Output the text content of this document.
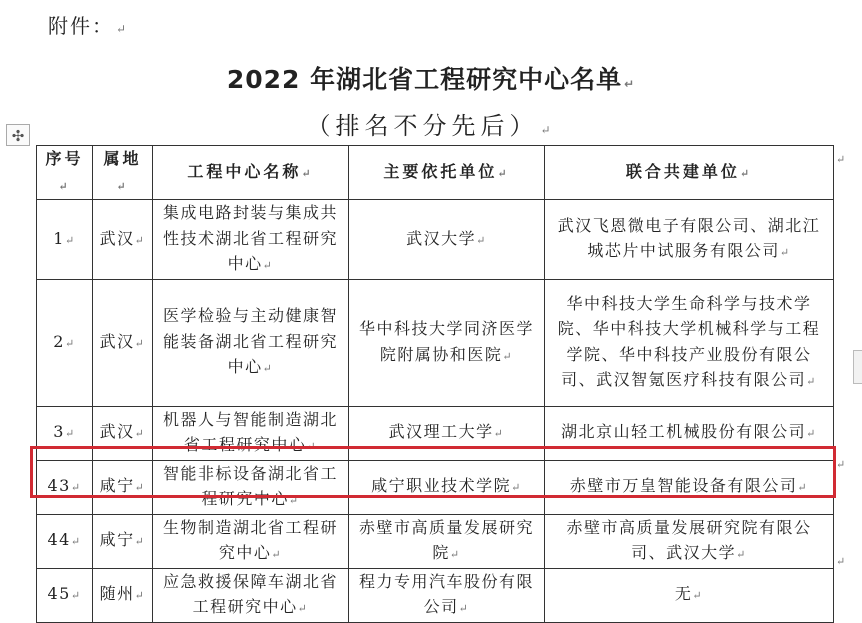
附件： ↵
2022 年湖北省工程研究中心名单 ↵
（排名不分先后） ↵
✣
序号↵	属地↵	工程中心名称↵	主要依托单位↵	联合共建单位↵
1↵	武汉↵	集成电路封装与集成共性技术湖北省工程研究中心↵	武汉大学↵	武汉飞恩微电子有限公司、湖北江城芯片中试服务有限公司↵
2↵	武汉↵	医学检验与主动健康智能装备湖北省工程研究中心↵	华中科技大学同济医学院附属协和医院↵	华中科技大学生命科学与技术学院、华中科技大学机械科学与工程学院、华中科技产业股份有限公司、武汉智氪医疗科技有限公司↵
3↵	武汉↵	机器人与智能制造湖北省工程研究中心↵	武汉理工大学↵	湖北京山轻工机械股份有限公司↵
43↵	咸宁↵	智能非标设备湖北省工程研究中心↵	咸宁职业技术学院↵	赤壁市万皇智能设备有限公司↵
44↵	咸宁↵	生物制造湖北省工程研究中心↵	赤壁市高质量发展研究院↵	赤壁市高质量发展研究院有限公司、武汉大学↵
45↵	随州↵	应急救援保障车湖北省工程研究中心↵	程力专用汽车股份有限公司↵	无↵
↵
↵
↵
